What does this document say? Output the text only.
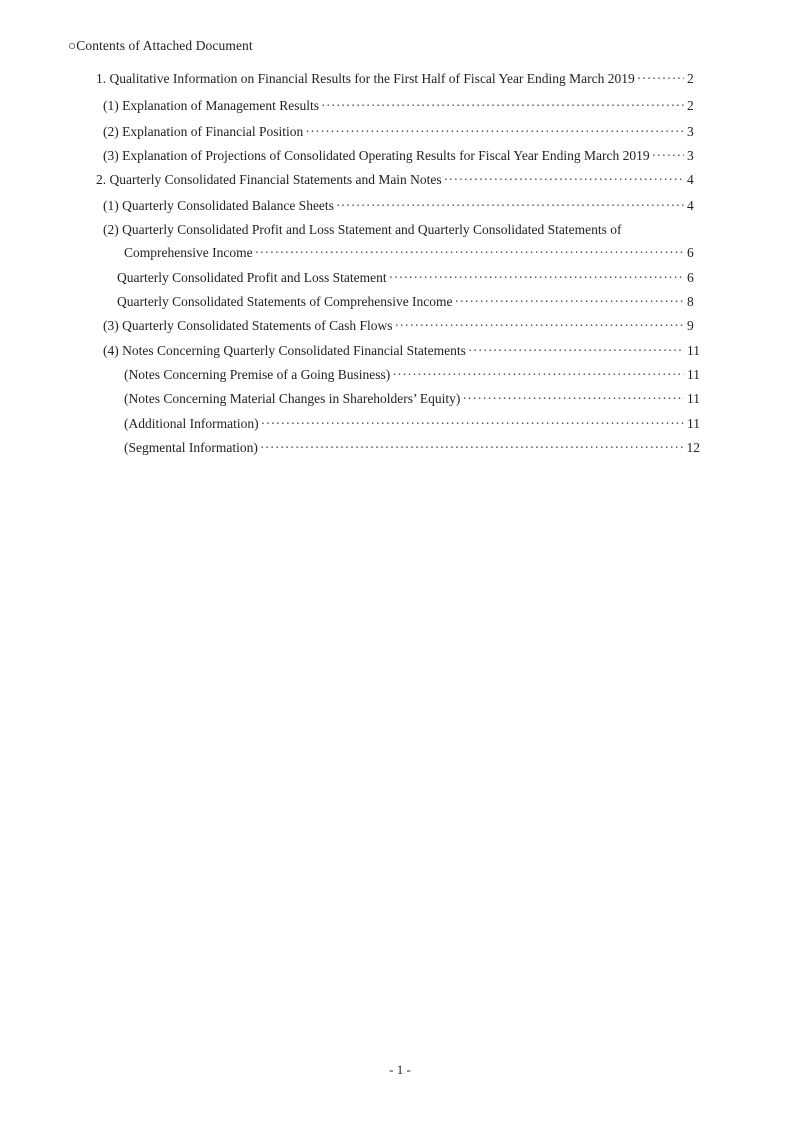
○Contents of Attached Document
1. Qualitative Information on Financial Results for the First Half of Fiscal Year Ending March 2019 ·····	2
(1) Explanation of Management Results ·····	2
(2) Explanation of Financial Position ·····	3
(3) Explanation of Projections of Consolidated Operating Results for Fiscal Year Ending March 2019 ·····	3
2. Quarterly Consolidated Financial Statements and Main Notes ·····	4
(1) Quarterly Consolidated Balance Sheets ·····	4
(2) Quarterly Consolidated Profit and Loss Statement and Quarterly Consolidated Statements of
Comprehensive Income ·····	6
Quarterly Consolidated Profit and Loss Statement ·····	6
Quarterly Consolidated Statements of Comprehensive Income ·····	8
(3) Quarterly Consolidated Statements of Cash Flows ·····	9
(4) Notes Concerning Quarterly Consolidated Financial Statements ·····	11
(Notes Concerning Premise of a Going Business) ·····	11
(Notes Concerning Material Changes in Shareholders’ Equity) ·····	11
(Additional Information) ·····	11
(Segmental Information) ·····	12
- 1 -
